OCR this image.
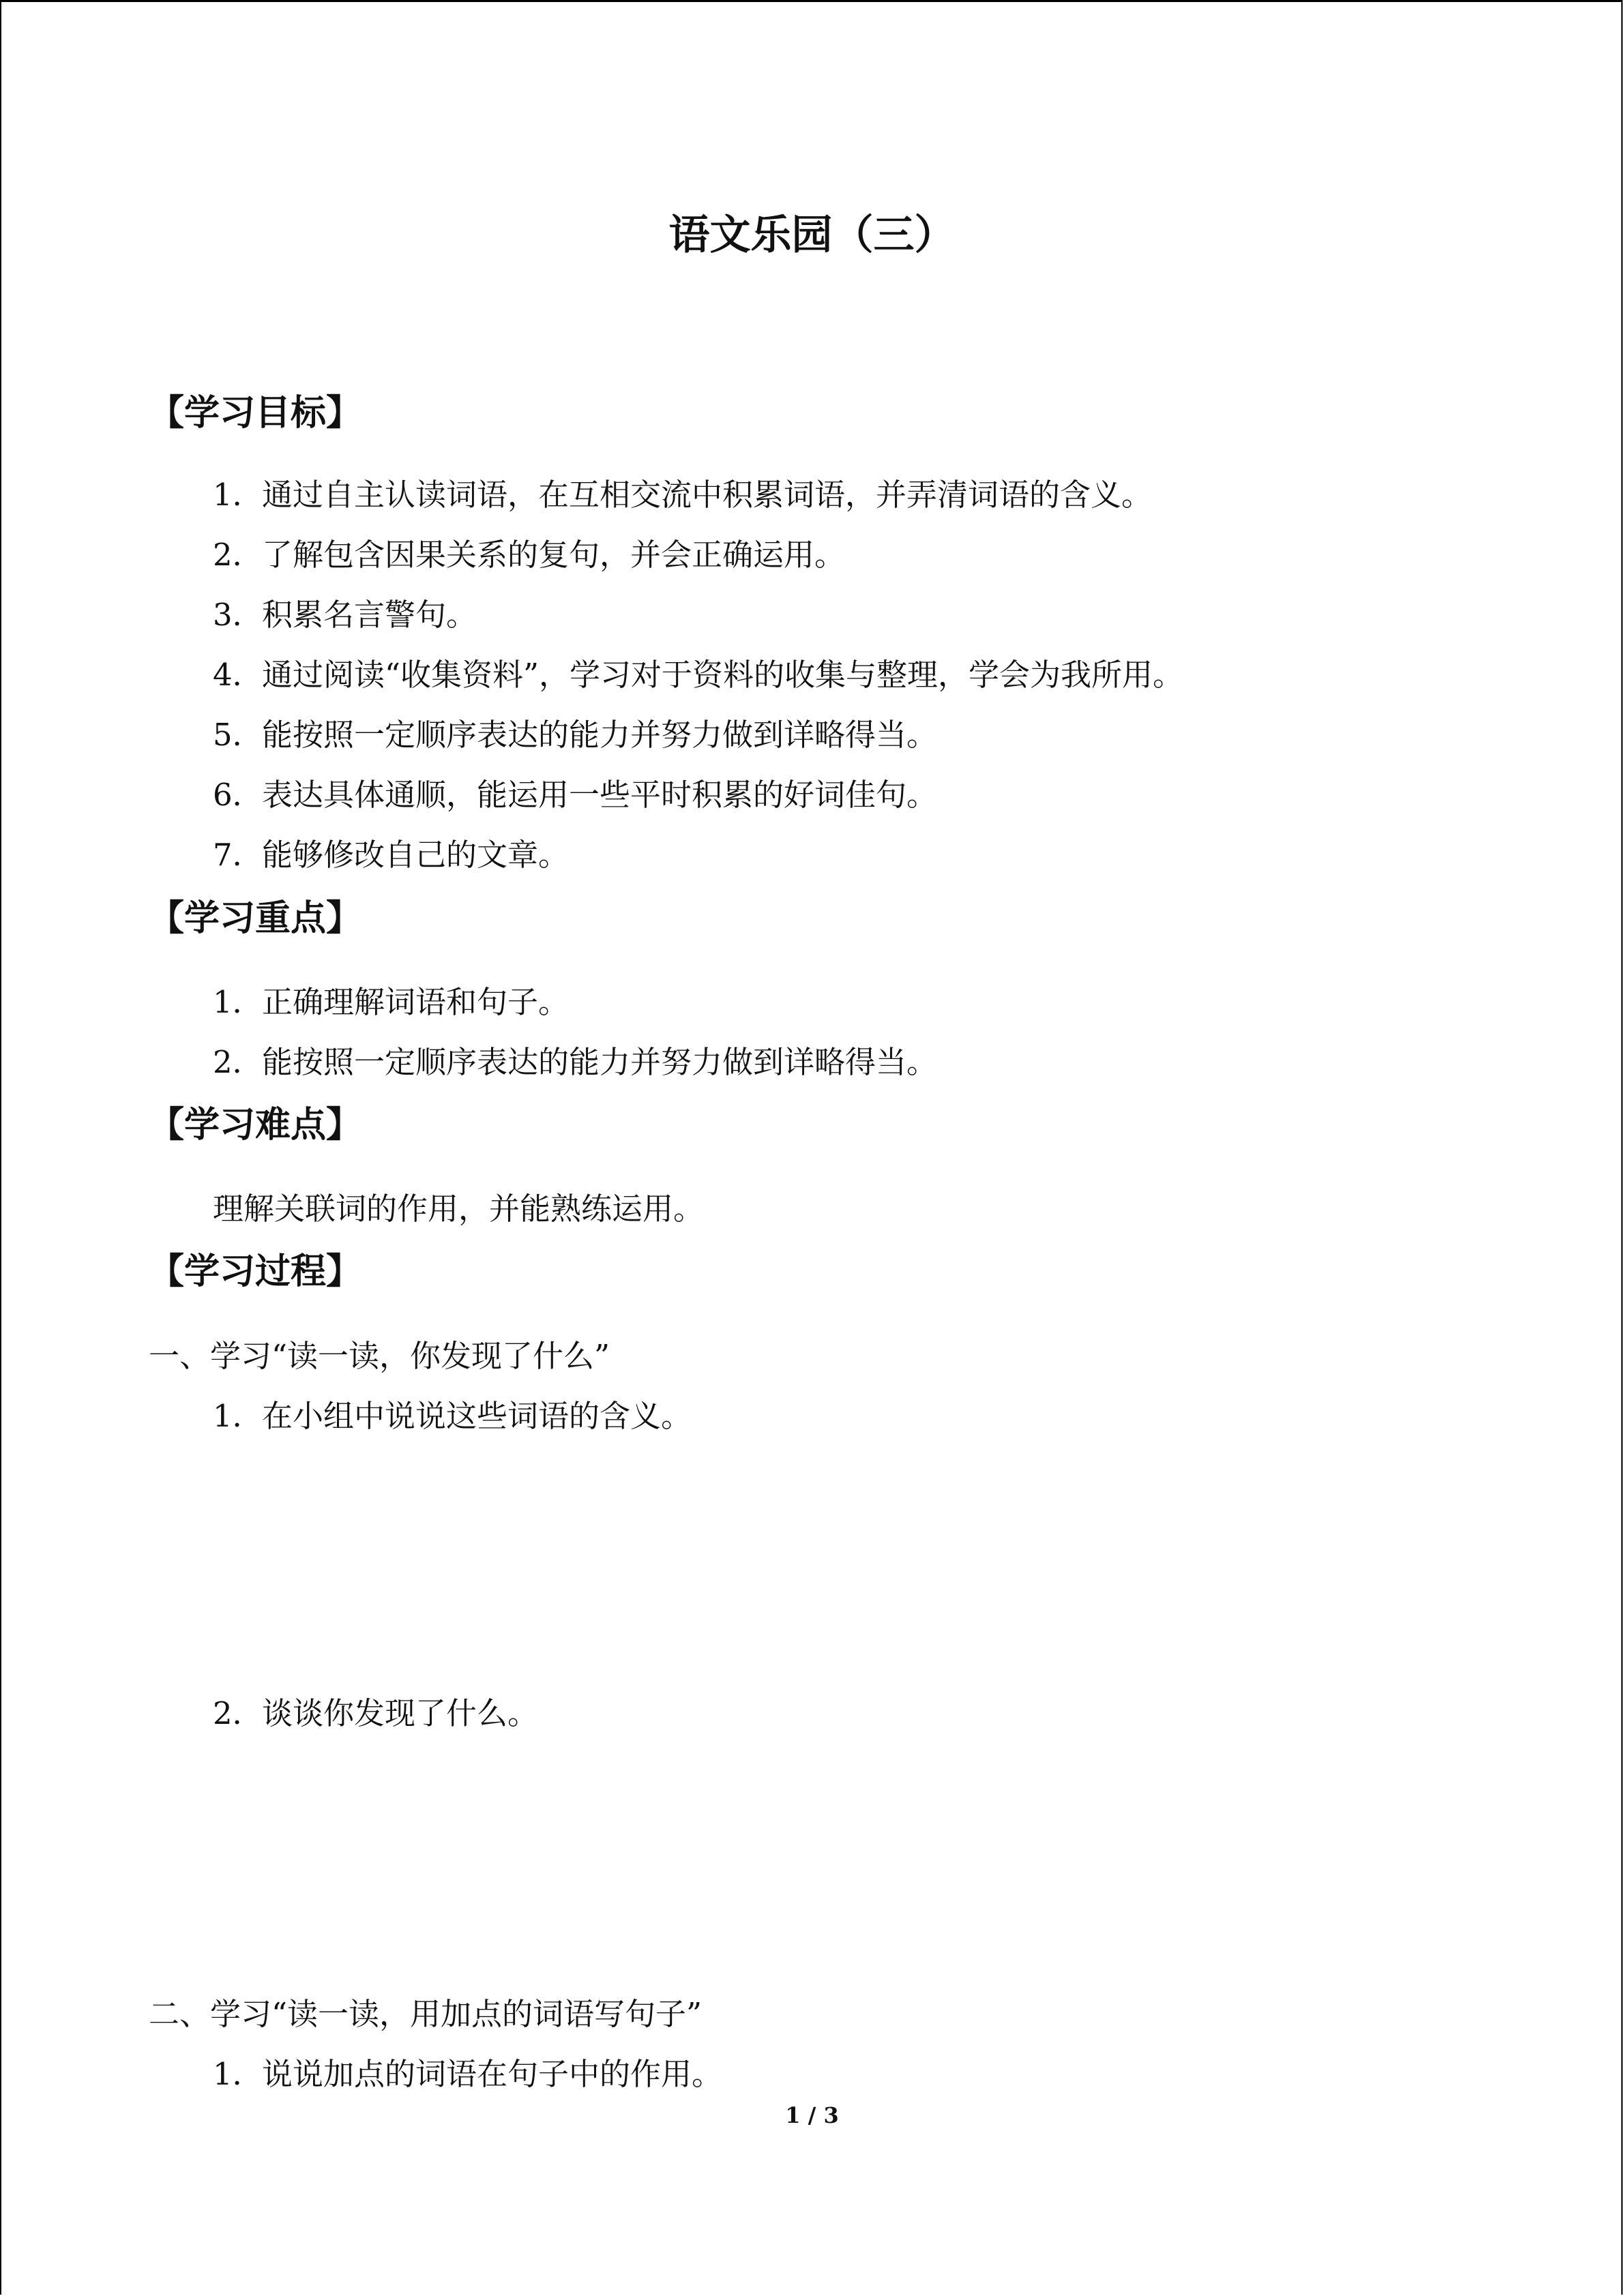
语文乐园（三）
【学习目标】
1．通过自主认读词语，在互相交流中积累词语，并弄清词语的含义。
2．了解包含因果关系的复句，并会正确运用。
3．积累名言警句。
4．通过阅读“收集资料”，学习对于资料的收集与整理，学会为我所用。
5．能按照一定顺序表达的能力并努力做到详略得当。
6．表达具体通顺，能运用一些平时积累的好词佳句。
7．能够修改自己的文章。
【学习重点】
1．正确理解词语和句子。
2．能按照一定顺序表达的能力并努力做到详略得当。
【学习难点】
理解关联词的作用，并能熟练运用。
【学习过程】
一、学习“读一读，你发现了什么”
1．在小组中说说这些词语的含义。
2．谈谈你发现了什么。
二、学习“读一读，用加点的词语写句子”
1．说说加点的词语在句子中的作用。
1 / 3
